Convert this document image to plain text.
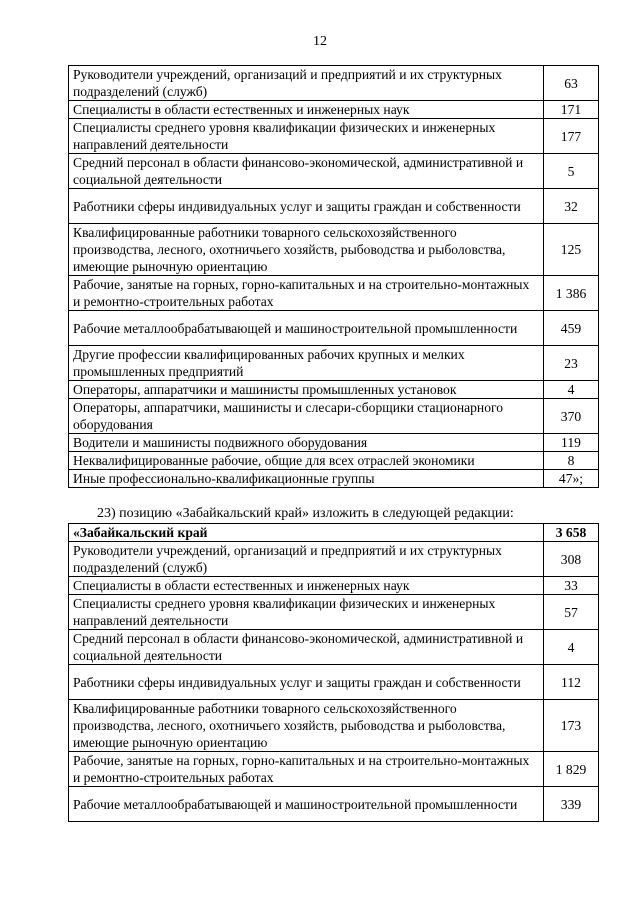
12
Руководители учреждений, организаций и предприятий и их структурных подразделений (служб)	63
Специалисты в области естественных и инженерных наук	171
Специалисты среднего уровня квалификации физических и инженерных направлений деятельности	177
Средний персонал в области финансово-экономической, административной и социальной деятельности	5
Работники сферы индивидуальных услуг и защиты граждан и собственности	32
Квалифицированные работники товарного сельскохозяйственного производства, лесного, охотничьего хозяйств, рыбоводства и рыболовства, имеющие рыночную ориентацию	125
Рабочие, занятые на горных, горно-капитальных и на строительно-монтажных и ремонтно-строительных работах	1 386
Рабочие металлообрабатывающей и машиностроительной промышленности	459
Другие профессии квалифицированных рабочих крупных и мелких промышленных предприятий	23
Операторы, аппаратчики и машинисты промышленных установок	4
Операторы, аппаратчики, машинисты и слесари-сборщики стационарного оборудования	370
Водители и машинисты подвижного оборудования	119
Неквалифицированные рабочие, общие для всех отраслей экономики	8
Иные профессионально-квалификационные группы	47»;
23) позицию «Забайкальский край» изложить в следующей редакции:
«Забайкальский край	3 658
Руководители учреждений, организаций и предприятий и их структурных подразделений (служб)	308
Специалисты в области естественных и инженерных наук	33
Специалисты среднего уровня квалификации физических и инженерных направлений деятельности	57
Средний персонал в области финансово-экономической, административной и социальной деятельности	4
Работники сферы индивидуальных услуг и защиты граждан и собственности	112
Квалифицированные работники товарного сельскохозяйственного производства, лесного, охотничьего хозяйств, рыбоводства и рыболовства, имеющие рыночную ориентацию	173
Рабочие, занятые на горных, горно-капитальных и на строительно-монтажных и ремонтно-строительных работах	1 829
Рабочие металлообрабатывающей и машиностроительной промышленности	339
